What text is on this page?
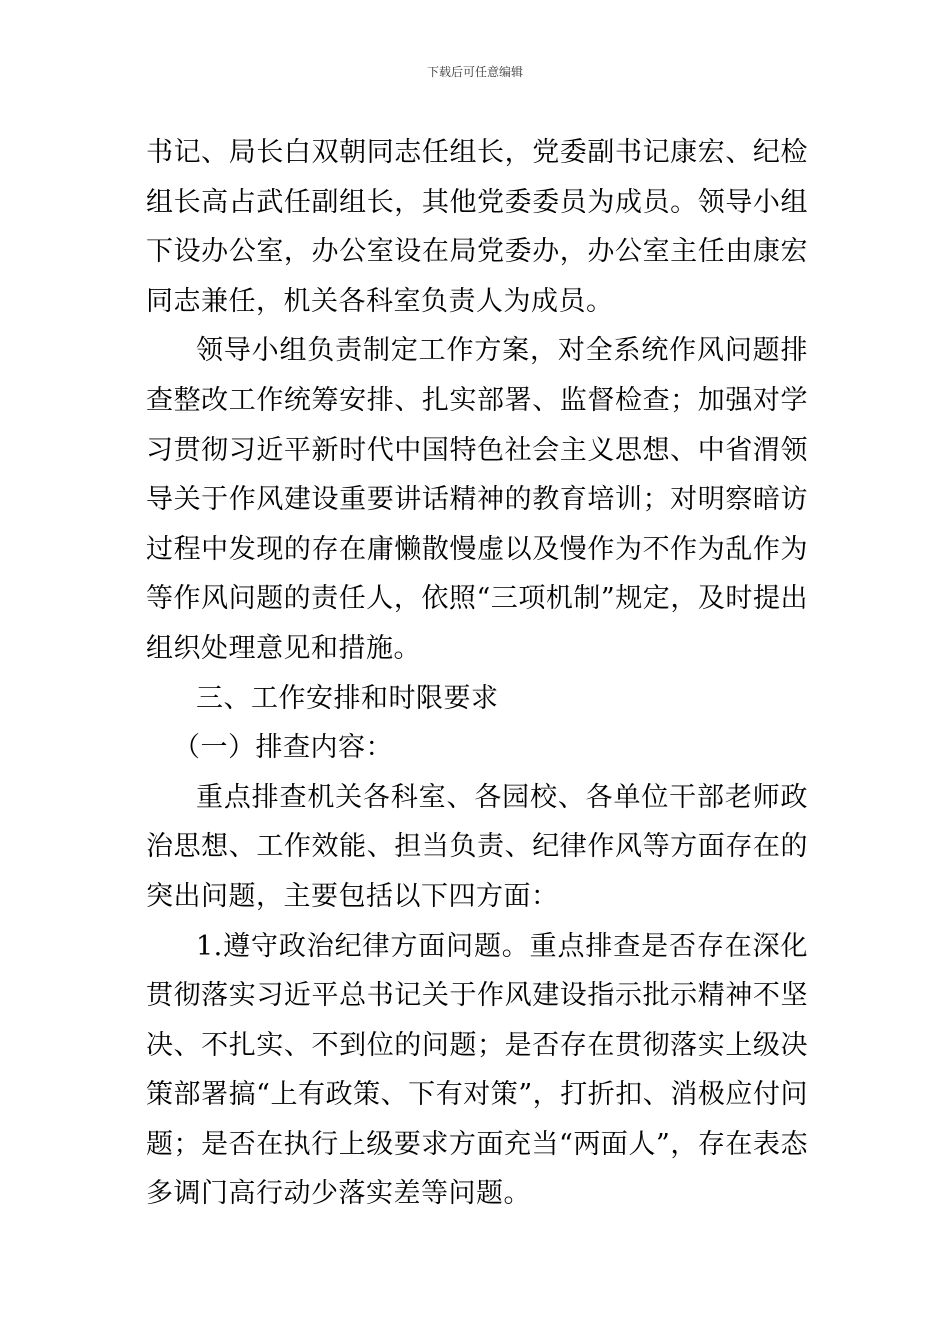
下载后可任意编辑

书记、局长白双朝同志任组长，党委副书记康宏、纪检组长高占武任副组长，其他党委委员为成员。领导小组下设办公室，办公室设在局党委办，办公室主任由康宏同志兼任，机关各科室负责人为成员。

领导小组负责制定工作方案，对全系统作风问题排查整改工作统筹安排、扎实部署、监督检查；加强对学习贯彻习近平新时代中国特色社会主义思想、中省渭领导关于作风建设重要讲话精神的教育培训；对明察暗访过程中发现的存在庸懒散慢虚以及慢作为不作为乱作为等作风问题的责任人，依照“三项机制”规定，及时提出组织处理意见和措施。

三、工作安排和时限要求

（一）排查内容：

重点排查机关各科室、各园校、各单位干部老师政治思想、工作效能、担当负责、纪律作风等方面存在的突出问题，主要包括以下四方面：

1.遵守政治纪律方面问题。重点排查是否存在深化贯彻落实习近平总书记关于作风建设指示批示精神不坚决、不扎实、不到位的问题；是否存在贯彻落实上级决策部署搞“上有政策、下有对策”，打折扣、消极应付问题；是否在执行上级要求方面充当“两面人”，存在表态多调门高行动少落实差等问题。
